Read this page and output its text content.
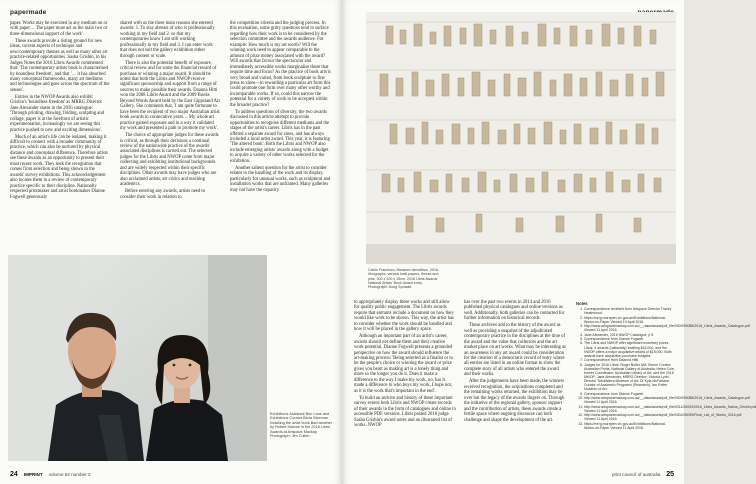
papermade

paper. Works may be executed in any medium on or with paper… The paper must act as the main two or three-dimensional support of the work'.

These awards provide a listing ground for new ideas, current aspects of technique and new/contemporary themes as well as many other art practice-related opportunities. Sasha Grishin, in his Judges Notes the 2016 Libris Awards commented that: 'The contemporary artists book is characterised by boundless freedom', and that '… it has absorbed many conceptual frameworks, many art mediums and technologies and goes across the spectrum of the senses'.

Entries in the NWOP Awards also exhibit Grishin's 'boundless freedom' as MRRG Director Jane Alexander states in the 2016 catalogue: 'Through printing, drawing, folding, sculpting and collage, paper is at the forefront of artistic experimentation, increasingly we are seeing this practice pushed to new and exciting dimensions'.

Much of an artist's life can be isolated, making it difficult to connect with a broader community of practice, which can also be nurtured by physical distance and conceptual difference. Therefore artists see these awards as an opportunity to present their most recent work. They seek the recognition that comes from selection and being shown in the awards' survey exhibitions. This acknowledgement also locates them in a review of contemporary practice specific to their discipline. Nationally respected printmaker and artist bookmaker Dianne Fogwell generously

shared with us the three main reasons she entered awards: 1. To stay abreast of who is professionally working in my field and 2. so that my contemporaries know I am still working professionally in my field and 3. I can enter work that does not suit the gallery exhibition either through content or scale.

There is also the potential benefit of exposure, critical review and for some the financial reward of purchase or winning a major award. It should be noted that both the Libris and NWOP receive significant sponsorship and support from a range of sources to make possible their awards. Daanna Hitti won the 2008 Libris Award and the 2009 Books Beyond Words Award held by the East Gippsland Art Gallery. She comments that, 'I am quite fortunate to have been the recipient of two major Australian artist book awards in consecutive years… My whole art practice gained exposure and in a way it validated my work and presented a path to promote my work'.

The choice of appropriate judges for these awards is critical, as through their decisions a continual review of the nationwide practice of the awards' associated disciplines is carried out. The selected judges for the Libris and NWOP come from major collecting and exhibiting institutional backgrounds and are widely respected within their specific disciplines. Other awards may have judges who are also acclaimed artists, art critics and teaching academics.

Before entering any awards, artists need to consider their work in relation to

the competition criteria and the judging process. In this evaluation, some gritty questions tend to surface regarding how their work is to be considered by the selection committee and the awards audience. For example: How much is my art worth? Will the winning work need to appear comparable to the amount of prize money associated with the award? Will awards that favour the spectacular and immediately accessible works marginalise those that require time and focus? As the practice of book arts is very broad and varied, from book sculpture to fine press to zines—in rewarding a particular art form this could promote one form over many other worthy and incomparable works. If so, could this narrow the potential for a variety of work to be accepted within the broader practice?

To address questions of diversity, the two awards discussed in this article attempt to provide opportunities to recognise different mediums and the stages of the artist's career. Libris has in the past offered a separate award for zines, and has always included a local artist award. This year, it is featuring 'The altered book'. Both the Libris and NWOP also include emerging artists' awards along with a budget to acquire a variety of other works selected for the exhibition.

Another salient question for the artist to consider relates to the handling of the work and its display, particularly for unusual works, such as sculptural and installation works that are unframed. Many galleries may not have the capacity

Exhibitions Assistant Ben Lans and Exhibitions Curator Alicia Sleeman installing the artist book Bad weather by Robert Malone in the 2016 Libris Awards at Artspace Mackay. Photograph: Jim Cullen.
24 IMPRINT volume 52 number 2
Calvin Francisco, Measure demolition, 2016, lithographs, various kraft papers, thread and pins, 300 x 200 x 15cm. 2016 Libris Awards National Artists' Book Award entry. Photograph: Doug Spowart.

to appropriately display these works and still allow for quality public engagement. The Libris awards require that entrants include a document on how they would like work to be shown. This way, the artist has to consider whether the work should be handled and how it will be placed in the gallery space.

Although an important part of an artist's career, awards should not define them and their creative work potential. Dianne Fogwell presents a grounded perspective on how the award should influence the art-making process: 'Being selected as a finalist or to be the people's choice or winning the award or prize gives you heart as making art is a lonely thing and more so the longer you do it. Does it make a difference to the way I make my work, no, has it made a difference to who buys my work, I hope not, as it is the work that's important in the end'.

To build an archive and history of these important survey events both Libris and NWOP create records of their awards in the form of catalogues and online in accessible PDF versions. Libris posted 2016 judge Sasha Grishin's award notes and an illustrated list of works. NWOP

has over the past two events in 2014 and 2016 published physical catalogues and online versions as well. Additionally, both galleries can be contacted for further information on historical records.

These archives add to the history of the award as well as providing a snapshot of the adjudicated contemporary practice in the disciplines at the time of the award and the value that collectors and the art market place on art works. What may be interesting as an awareness in any art award could be consideration for the creation of a democratic record of entry where all entries are listed in an online format to show the complete story of all artists who entered the award and their works.

After the judgements have been made, the winners received recognition, the acquisitions completed and the remaining works returned, the exhibition may be over but the legacy of the awards lingers on. Through the initiative of the regional gallery, sponsor support and the contribution of artists, these awards create a fertile space where ongoing discourse can both challenge and shape the development of the art.

Notes
1. Correspondence received from Artspace Director Tracey Heathwood.
2. https://mrrg.mornpen.vic.gov.au/Exhibitions/National-Works-on-Paper Viewed 10 April 2016.
3. http://www.artspacemackay.com.au/__data/assets/pdf_file/0009/35088/2016_Libris_Awards_Catalogue.pdf Viewed 11 April 2016.
4. Jane Alexander, 2016 NWOP Catalogue, p 5.
5. Correspondence from Dianne Fogwell.
6. The Libris and NWOP offer significant monetary prizes. Libris: 4 awards (nationally) totalling $16,000, and the NWOP offers a major acquisitive award of $15,000. Both awards have acquisition purchase budgets.
7. Correspondence from Daanna Hitti.
8. Judges for 2016 Libris: Roger Butler AM, Senior Curator Australian Prints, National Gallery of Australia; Helen Cole, former Coordinator, Australian Library of Art; and the 2016 NWOP: Jane Alexander, MRRG Director; Victoria Lynn, Director TarraWarra Museum of Art; Dr Kyla McFarlane, Curator of Academic Programs (Research), Ian Potter Museum of Art.
9. Correspondence from Dianne Fogwell.
10. http://www.artspacemackay.com.au/__data/assets/pdf_file/0009/35088/2016_Libris_Awards_Catalogue.pdf Viewed 11 April 2016.
11. http://www.artspacemackay.com.au/__data/assets/pdf_file/0011/35093/2016_Libris_Awards_Sasha_Grishin.pdf Viewed 11 April 2016.
12. http://www.artspacemackay.com.au/__data/assets/pdf_file/0004/35095/Final_List_of_Works_2016.pdf Viewed 11 April 2016.
13. https://mrrg.mornpen.vic.gov.au/Exhibitions/National-Works-on-Paper Viewed 11 April 2016.
print council of australia 25
